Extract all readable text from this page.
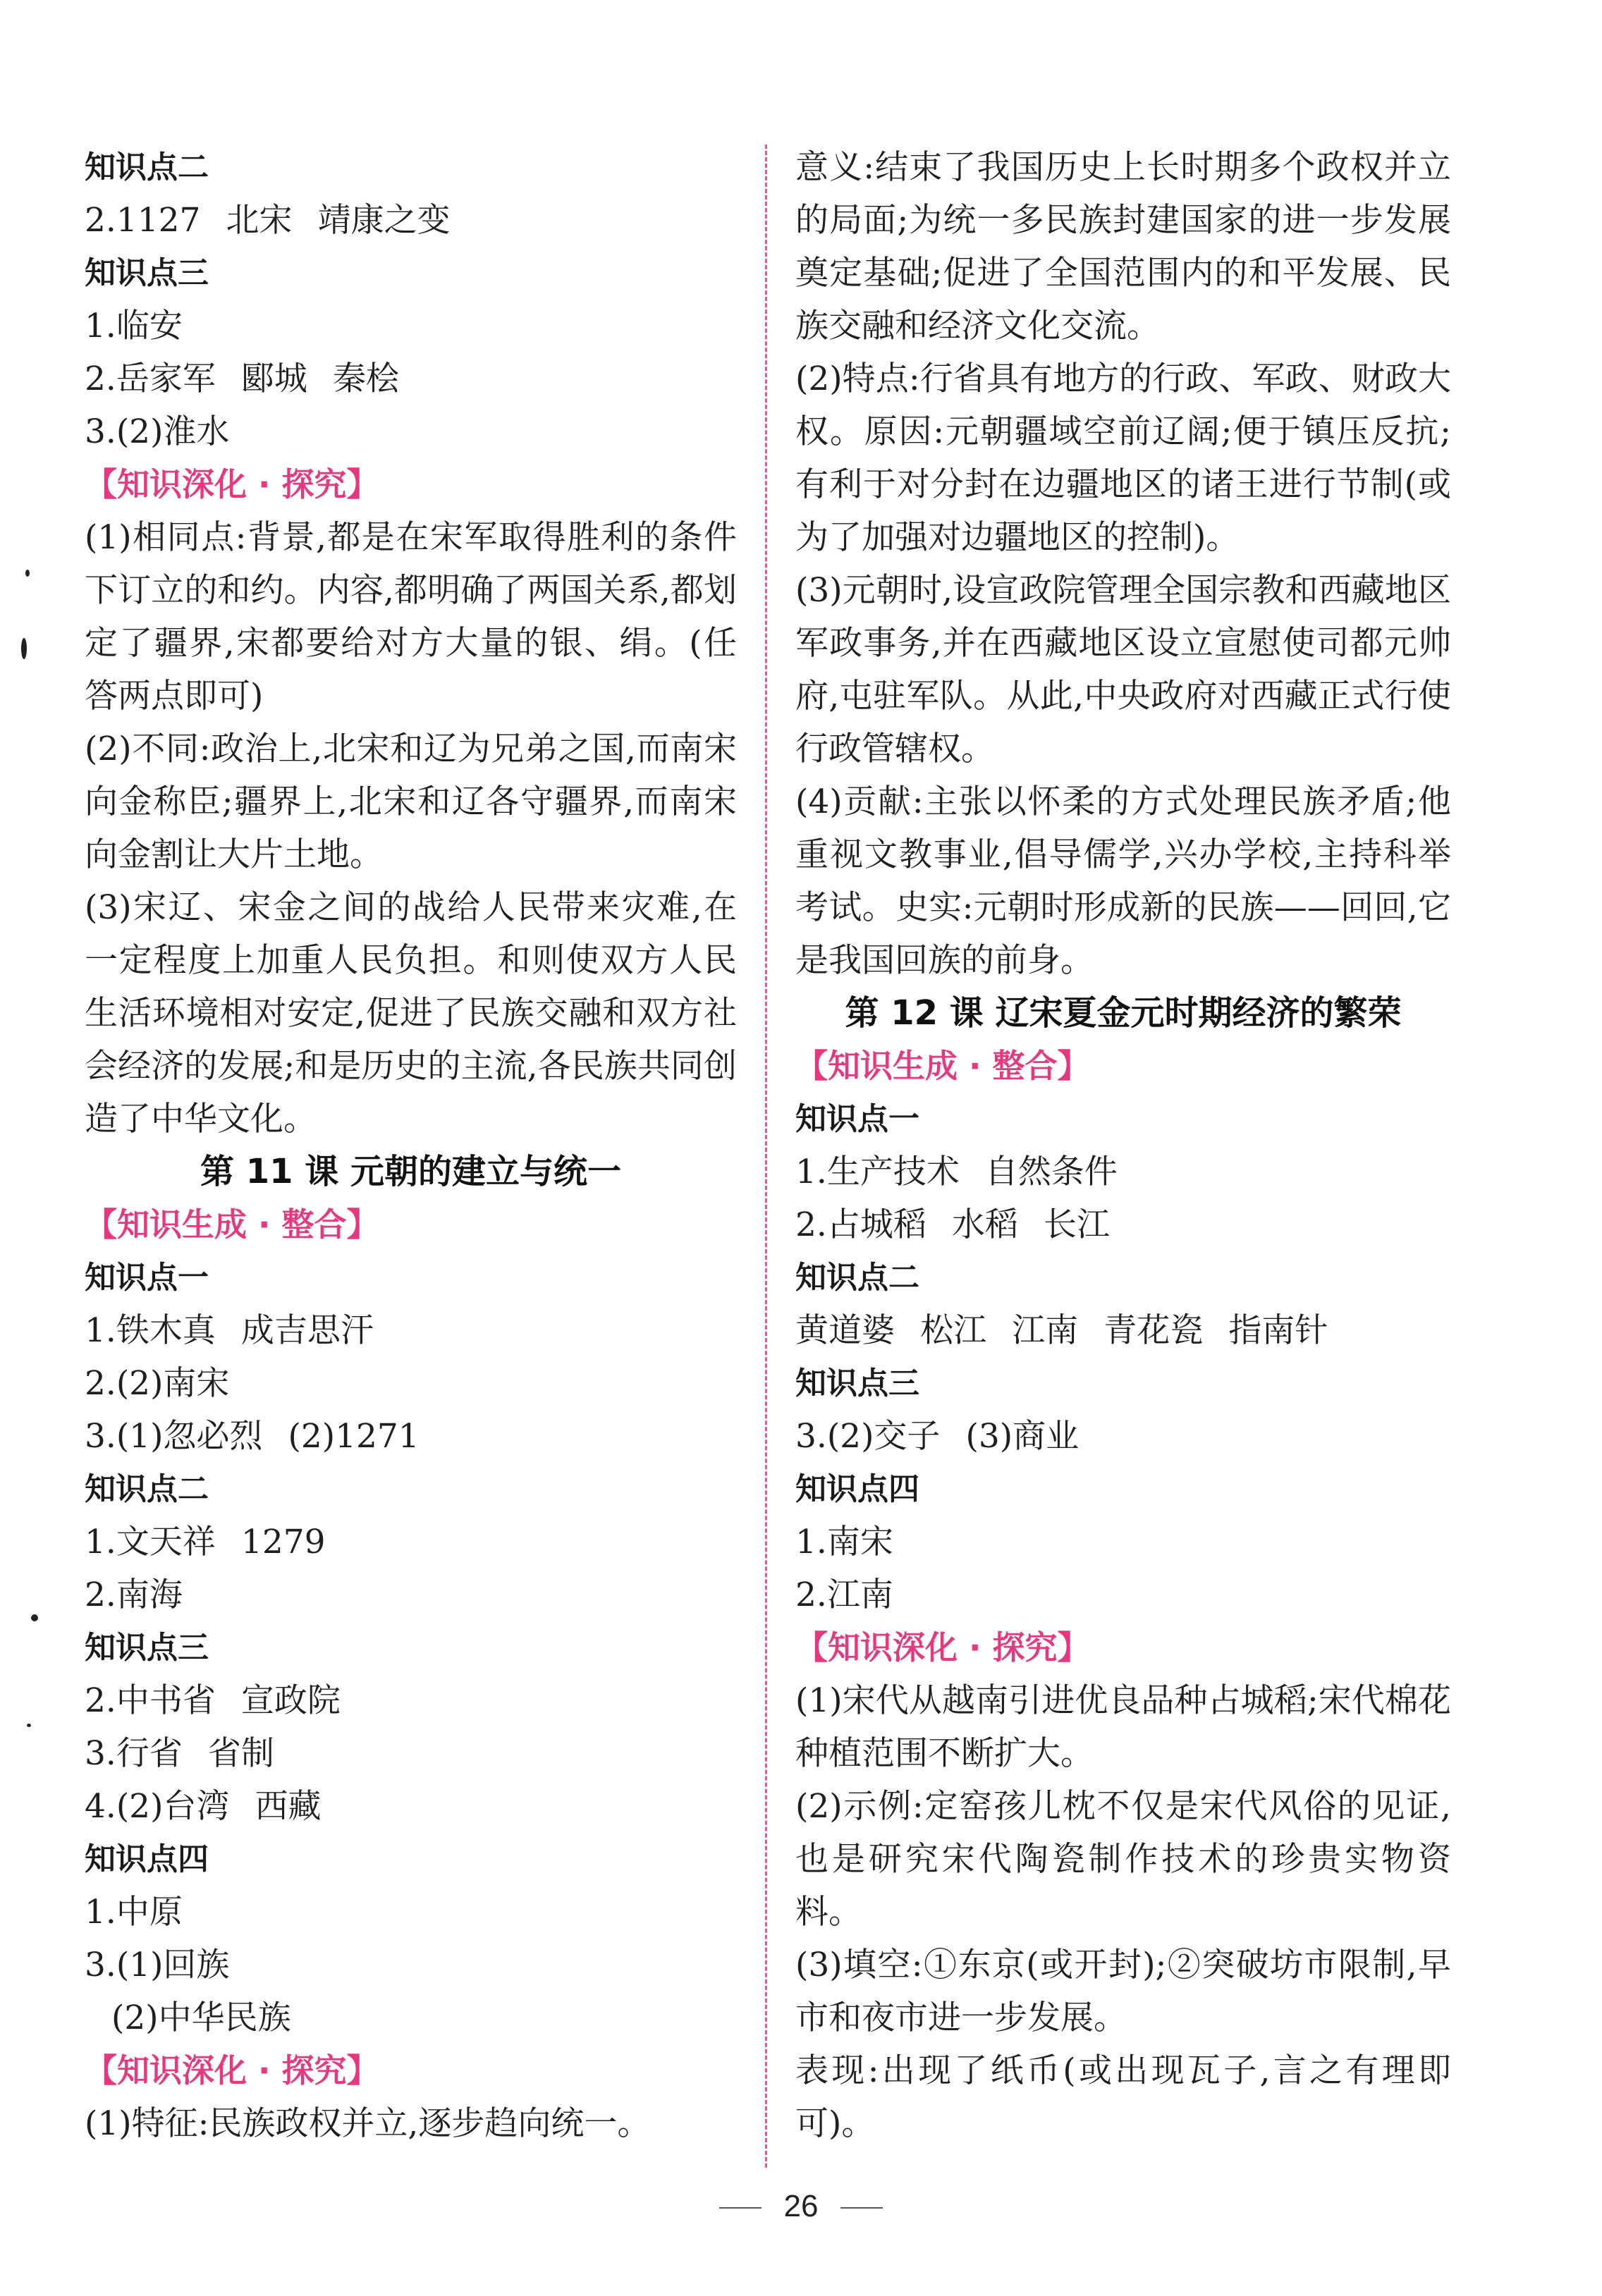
知识点二
2.1127 北宋 靖康之变
知识点三
1.临安
2.岳家军 郾城 秦桧
3.(2)淮水
【知识深化 · 探究】
(1)相同点:背景,都是在宋军取得胜利的条件下订立的和约。内容,都明确了两国关系,都划定了疆界,宋都要给对方大量的银、绢。(任答两点即可)
(2)不同:政治上,北宋和辽为兄弟之国,而南宋向金称臣;疆界上,北宋和辽各守疆界,而南宋向金割让大片土地。
(3)宋辽、宋金之间的战给人民带来灾难,在一定程度上加重人民负担。和则使双方人民生活环境相对安定,促进了民族交融和双方社会经济的发展;和是历史的主流,各民族共同创造了中华文化。
第 11 课 元朝的建立与统一
【知识生成 · 整合】
知识点一
1.铁木真 成吉思汗
2.(2)南宋
3.(1)忽必烈 (2)1271
知识点二
1.文天祥 1279
2.南海
知识点三
2.中书省 宣政院
3.行省 省制
4.(2)台湾 西藏
知识点四
1.中原
3.(1)回族
(2)中华民族
【知识深化 · 探究】
(1)特征:民族政权并立,逐步趋向统一。
意义:结束了我国历史上长时期多个政权并立的局面;为统一多民族封建国家的进一步发展奠定基础;促进了全国范围内的和平发展、民族交融和经济文化交流。
(2)特点:行省具有地方的行政、军政、财政大权。原因:元朝疆域空前辽阔;便于镇压反抗;有利于对分封在边疆地区的诸王进行节制(或为了加强对边疆地区的控制)。
(3)元朝时,设宣政院管理全国宗教和西藏地区军政事务,并在西藏地区设立宣慰使司都元帅府,屯驻军队。从此,中央政府对西藏正式行使行政管辖权。
(4)贡献:主张以怀柔的方式处理民族矛盾;他重视文教事业,倡导儒学,兴办学校,主持科举考试。史实:元朝时形成新的民族——回回,它是我国回族的前身。
第 12 课 辽宋夏金元时期经济的繁荣
【知识生成 · 整合】
知识点一
1.生产技术 自然条件
2.占城稻 水稻 长江
知识点二
黄道婆 松江 江南 青花瓷 指南针
知识点三
3.(2)交子 (3)商业
知识点四
1.南宋
2.江南
【知识深化 · 探究】
(1)宋代从越南引进优良品种占城稻;宋代棉花种植范围不断扩大。
(2)示例:定窑孩儿枕不仅是宋代风俗的见证,也是研究宋代陶瓷制作技术的珍贵实物资料。
(3)填空:①东京(或开封);②突破坊市限制,早市和夜市进一步发展。
表现:出现了纸币(或出现瓦子,言之有理即可)。
26
